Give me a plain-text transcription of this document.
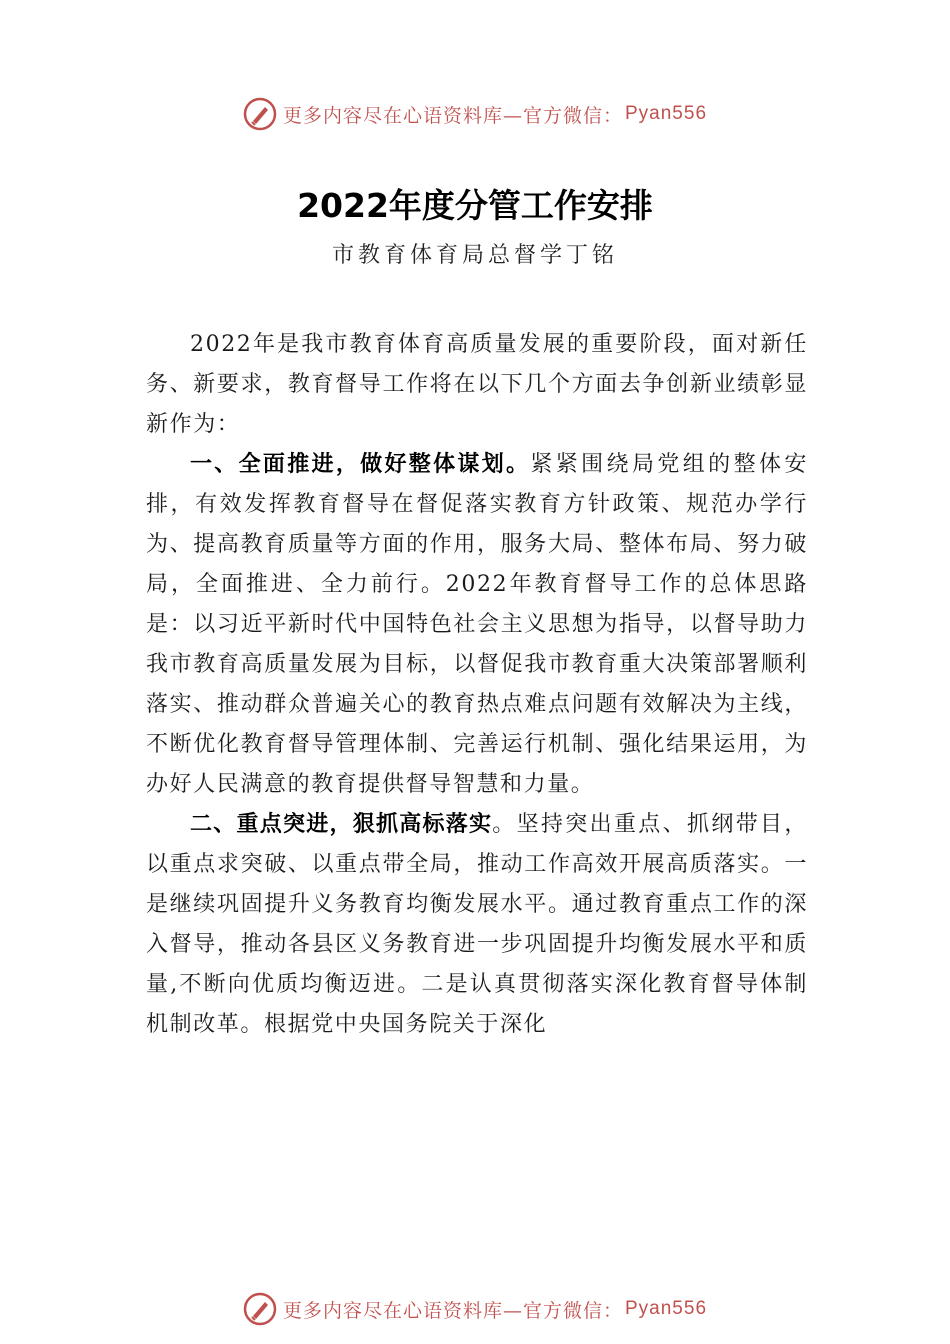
更多内容尽在心语资料库—官方微信： Pyan556
2022年度分管工作安排
市教育体育局总督学丁铭

2022年是我市教育体育高质量发展的重要阶段，面对新任务、新要求，教育督导工作将在以下几个方面去争创新业绩彰显新作为：

一、全面推进，做好整体谋划。紧紧围绕局党组的整体安排，有效发挥教育督导在督促落实教育方针政策、规范办学行为、提高教育质量等方面的作用，服务大局、整体布局、努力破局，全面推进、全力前行。2022年教育督导工作的总体思路是：以习近平新时代中国特色社会主义思想为指导，以督导助力我市教育高质量发展为目标，以督促我市教育重大决策部署顺利落实、推动群众普遍关心的教育热点难点问题有效解决为主线，不断优化教育督导管理体制、完善运行机制、强化结果运用，为办好人民满意的教育提供督导智慧和力量。

二、重点突进，狠抓高标落实。坚持突出重点、抓纲带目，以重点求突破、以重点带全局，推动工作高效开展高质落实。一是继续巩固提升义务教育均衡发展水平。通过教育重点工作的深入督导，推动各县区义务教育进一步巩固提升均衡发展水平和质量,不断向优质均衡迈进。二是认真贯彻落实深化教育督导体制机制改革。根据党中央国务院关于深化

更多内容尽在心语资料库—官方微信： Pyan556
